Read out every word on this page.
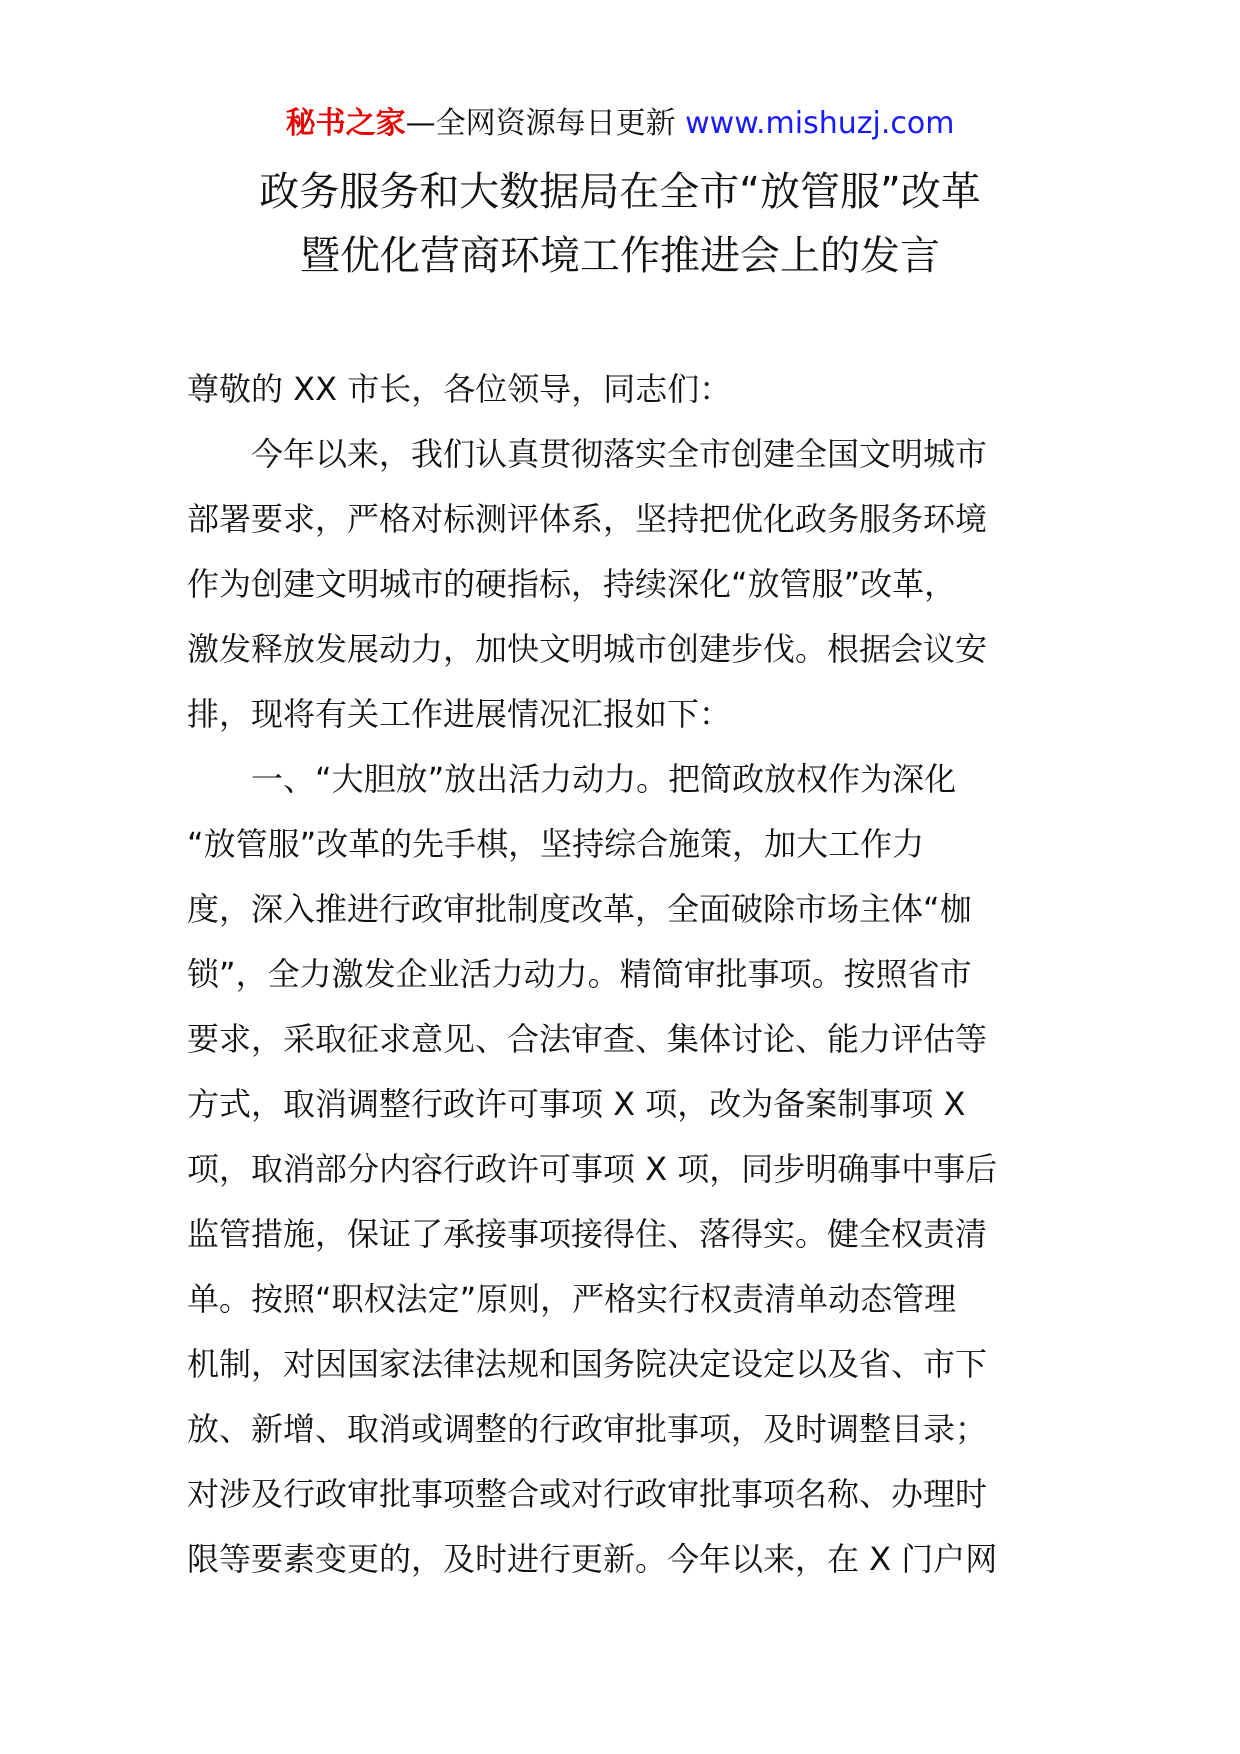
秘书之家—全网资源每日更新 www.mishuzj.com
政务服务和大数据局在全市“放管服”改革
暨优化营商环境工作推进会上的发言
尊敬的 XX 市长，各位领导，同志们：
今年以来，我们认真贯彻落实全市创建全国文明城市
部署要求，严格对标测评体系，坚持把优化政务服务环境
作为创建文明城市的硬指标，持续深化“放管服”改革，
激发释放发展动力，加快文明城市创建步伐。根据会议安
排，现将有关工作进展情况汇报如下：
一、“大胆放”放出活力动力。把简政放权作为深化
“放管服”改革的先手棋，坚持综合施策，加大工作力
度，深入推进行政审批制度改革，全面破除市场主体“枷
锁”，全力激发企业活力动力。精简审批事项。按照省市
要求，采取征求意见、合法审查、集体讨论、能力评估等
方式，取消调整行政许可事项 X 项，改为备案制事项 X
项，取消部分内容行政许可事项 X 项，同步明确事中事后
监管措施，保证了承接事项接得住、落得实。健全权责清
单。按照“职权法定”原则，严格实行权责清单动态管理
机制，对因国家法律法规和国务院决定设定以及省、市下
放、新增、取消或调整的行政审批事项，及时调整目录；
对涉及行政审批事项整合或对行政审批事项名称、办理时
限等要素变更的，及时进行更新。今年以来，在 X 门户网
